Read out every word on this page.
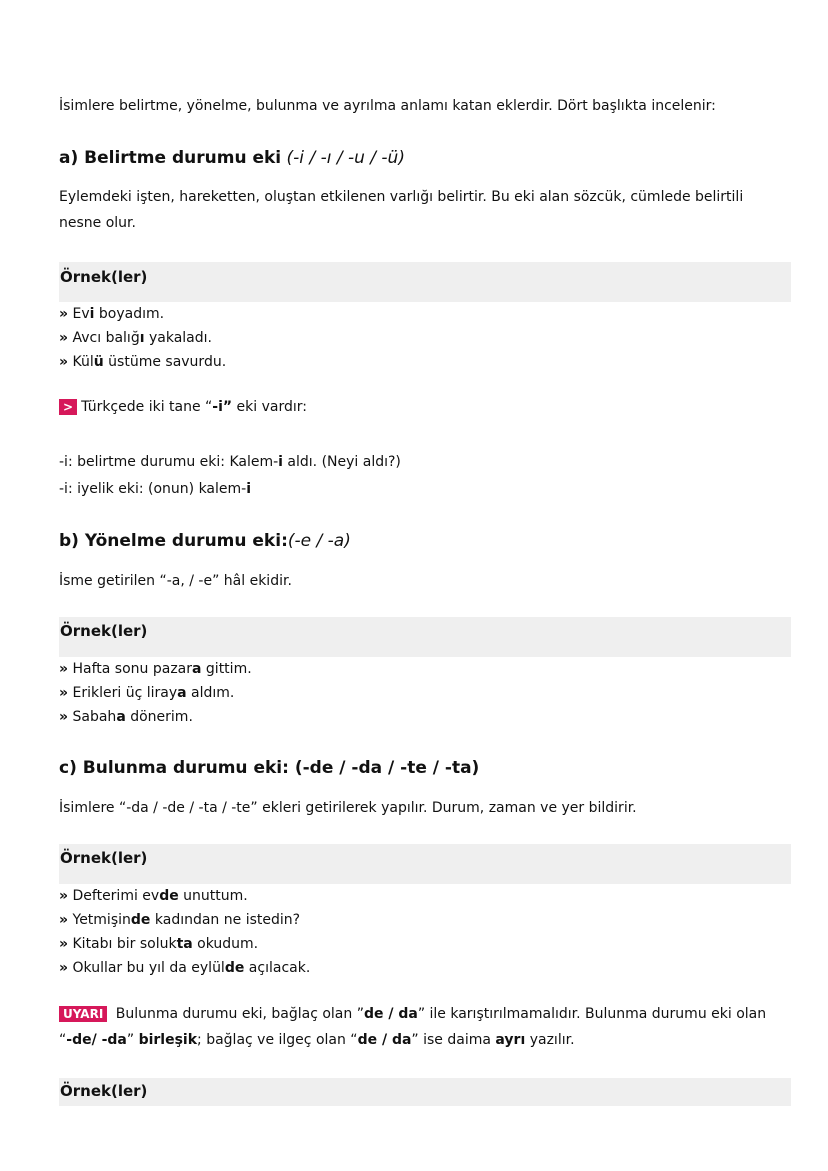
İsimlere belirtme, yönelme, bulunma ve ayrılma anlamı katan eklerdir. Dört başlıkta incelenir:
a) Belirtme durumu eki (-i / -ı / -u / -ü)
Eylemdeki işten, hareketten, oluştan etkilenen varlığı belirtir. Bu eki alan sözcük, cümlede belirtili nesne olur.
Örnek(ler)
» Evi boyadım.
» Avcı balığı yakaladı.
» Külü üstüme savurdu.
> Türkçede iki tane “-i” eki vardır:
-i: belirtme durumu eki: Kalem-i aldı. (Neyi aldı?)
-i: iyelik eki: (onun) kalem-i
b) Yönelme durumu eki:(-e / -a)
İsme getirilen “-a, / -e” hâl ekidir.
Örnek(ler)
» Hafta sonu pazara gittim.
» Erikleri üç liraya aldım.
» Sabaha dönerim.
c) Bulunma durumu eki: (-de / -da / -te / -ta)
İsimlere “-da / -de / -ta / -te” ekleri getirilerek yapılır. Durum, zaman ve yer bildirir.
Örnek(ler)
» Defterimi evde unuttum.
» Yetmişinde kadından ne istedin?
» Kitabı bir solukta okudum.
» Okullar bu yıl da eylülde açılacak.
UYARI Bulunma durumu eki, bağlaç olan ”de / da” ile karıştırılmamalıdır. Bulunma durumu eki olan “-de/ -da” birleşik; bağlaç ve ilgeç olan “de / da” ise daima ayrı yazılır.
Örnek(ler)
